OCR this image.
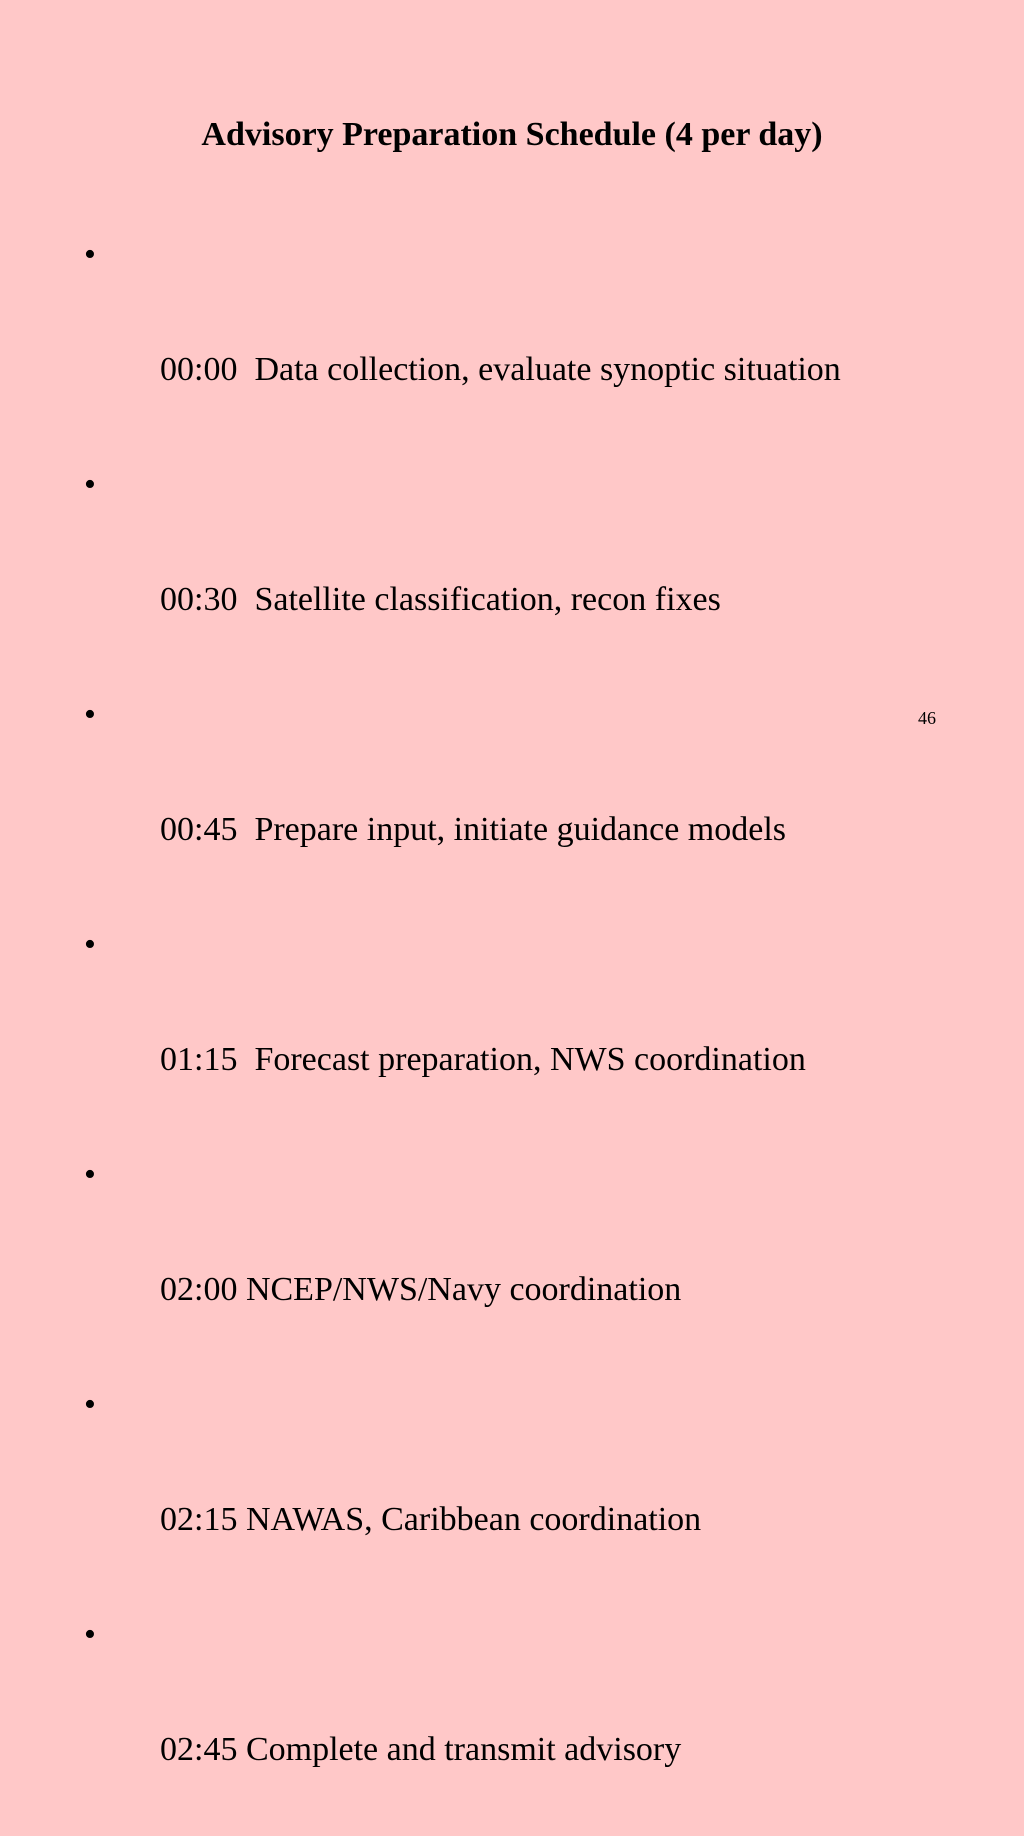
Advisory Preparation Schedule (4 per day)

•

00:00  Data collection, evaluate synoptic situation

•

00:30  Satellite classification, recon fixes

•

00:45  Prepare input, initiate guidance models

•

01:15  Forecast preparation, NWS coordination

•

02:00 NCEP/NWS/Navy coordination

•

02:15 NAWAS, Caribbean coordination

•

02:45 Complete and transmit advisory

46
